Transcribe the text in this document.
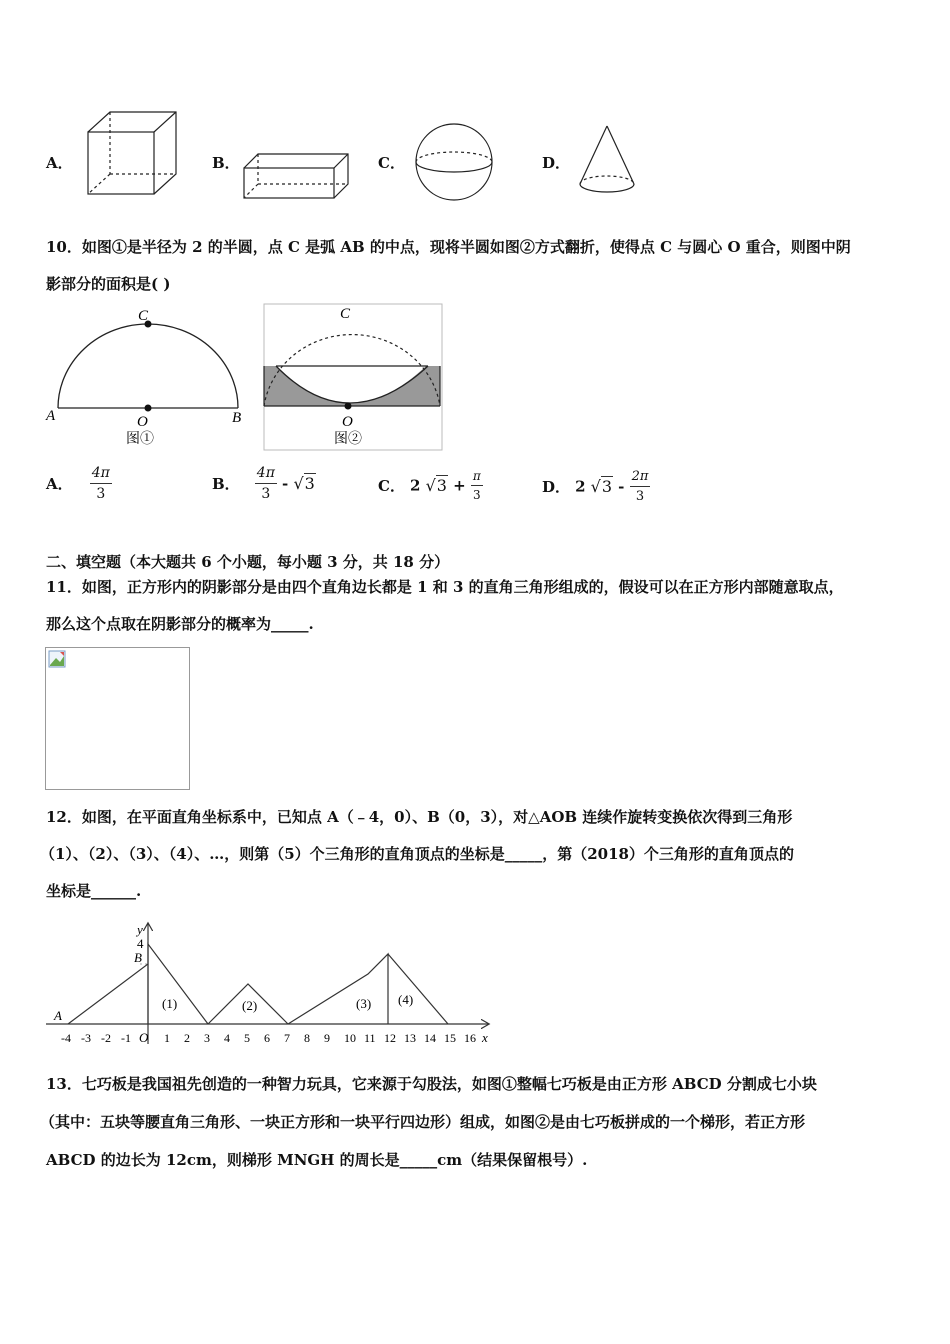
A．	B．	C．	D．
10．如图①是半径为 2 的半圆，点 C 是弧 AB 的中点，现将半圆如图②方式翻折，使得点 C 与圆心 O 重合，则图中阴
影部分的面积是( )
C
A	O	B
图①
C
O
图②
A． $\frac{4\pi}{3}$	B． $\frac{4\pi}{3} - √3$	C． 2 $√3 + \frac{\pi}{3}$	D． 2 $√3 - \frac{2\pi}{3}$
二、填空题（本大题共 6 个小题，每小题 3 分，共 18 分）
11．如图，正方形内的阴影部分是由四个直角边长都是 1 和 3 的直角三角形组成的，假设可以在正方形内部随意取点，
那么这个点取在阴影部分的概率为_____.
12．如图，在平面直角坐标系中，已知点 A（﹣4，0）、B（0，3），对△AOB 连续作旋转变换依次得到三角形
（1）、（2）、（3）、（4）、…，则第（5）个三角形的直角顶点的坐标是_____，第（2018）个三角形的直角顶点的
坐标是______.
y
x
4
B
A
O
-4 -3 -2 -1	1 2 3 4 5 6 7 8 9 10 11 12 13 14 15 16
(1)	(2)	(3) (4)
13．七巧板是我国祖先创造的一种智力玩具，它来源于勾股法，如图①整幅七巧板是由正方形 ABCD 分割成七小块
（其中：五块等腰直角三角形、一块正方形和一块平行四边形）组成，如图②是由七巧板拼成的一个梯形，若正方形
ABCD 的边长为 12cm，则梯形 MNGH 的周长是_____cm（结果保留根号）.
